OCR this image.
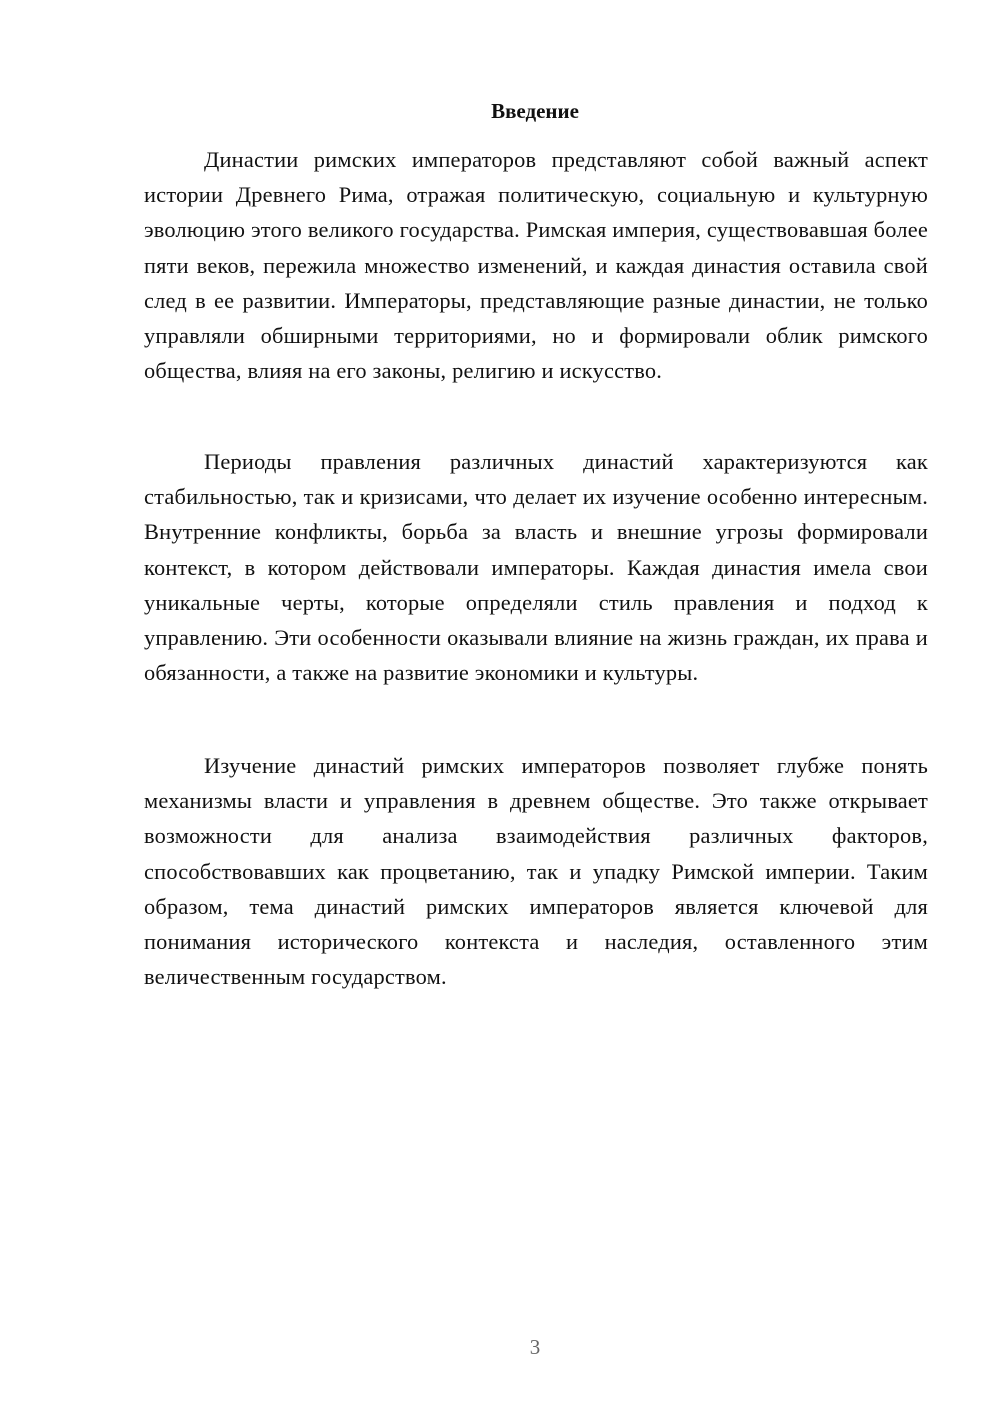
Введение

Династии римских императоров представляют собой важный аспект истории Древнего Рима, отражая политическую, социальную и культурную эволюцию этого великого государства. Римская империя, существовавшая более пяти веков, пережила множество изменений, и каждая династия оставила свой след в ее развитии. Императоры, представляющие разные династии, не только управляли обширными территориями, но и формировали облик римского общества, влияя на его законы, религию и искусство.

Периоды правления различных династий характеризуются как стабильностью, так и кризисами, что делает их изучение особенно интересным. Внутренние конфликты, борьба за власть и внешние угрозы формировали контекст, в котором действовали императоры. Каждая династия имела свои уникальные черты, которые определяли стиль правления и подход к управлению. Эти особенности оказывали влияние на жизнь граждан, их права и обязанности, а также на развитие экономики и культуры.

Изучение династий римских императоров позволяет глубже понять механизмы власти и управления в древнем обществе. Это также открывает возможности для анализа взаимодействия различных факторов, способствовавших как процветанию, так и упадку Римской империи. Таким образом, тема династий римских императоров является ключевой для понимания исторического контекста и наследия, оставленного этим величественным государством.

3
